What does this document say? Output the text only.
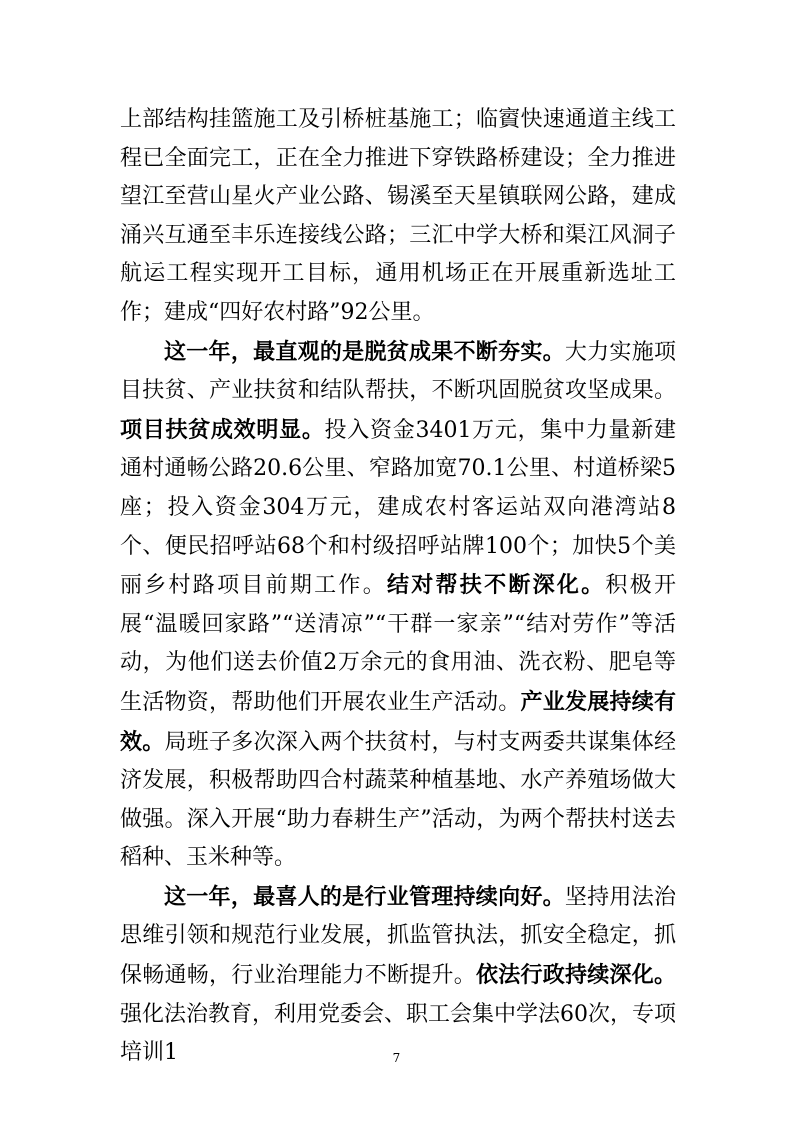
上部结构挂篮施工及引桥桩基施工；临賨快速通道主线工程已全面完工，正在全力推进下穿铁路桥建设；全力推进望江至营山星火产业公路、锡溪至天星镇联网公路，建成涌兴互通至丰乐连接线公路；三汇中学大桥和渠江风洞子航运工程实现开工目标，通用机场正在开展重新选址工作；建成“四好农村路”92公里。

这一年，最直观的是脱贫成果不断夯实。大力实施项目扶贫、产业扶贫和结队帮扶，不断巩固脱贫攻坚成果。项目扶贫成效明显。投入资金3401万元，集中力量新建通村通畅公路20.6公里、窄路加宽70.1公里、村道桥梁5座；投入资金304万元，建成农村客运站双向港湾站8个、便民招呼站68个和村级招呼站牌100个；加快5个美丽乡村路项目前期工作。结对帮扶不断深化。积极开展“温暖回家路”“送清凉”“干群一家亲”“结对劳作”等活动，为他们送去价值2万余元的食用油、洗衣粉、肥皂等生活物资，帮助他们开展农业生产活动。产业发展持续有效。局班子多次深入两个扶贫村，与村支两委共谋集体经济发展，积极帮助四合村蔬菜种植基地、水产养殖场做大做强。深入开展“助力春耕生产”活动，为两个帮扶村送去稻种、玉米种等。

这一年，最喜人的是行业管理持续向好。坚持用法治思维引领和规范行业发展，抓监管执法，抓安全稳定，抓保畅通畅，行业治理能力不断提升。依法行政持续深化。强化法治教育，利用党委会、职工会集中学法60次，专项培训1	7
